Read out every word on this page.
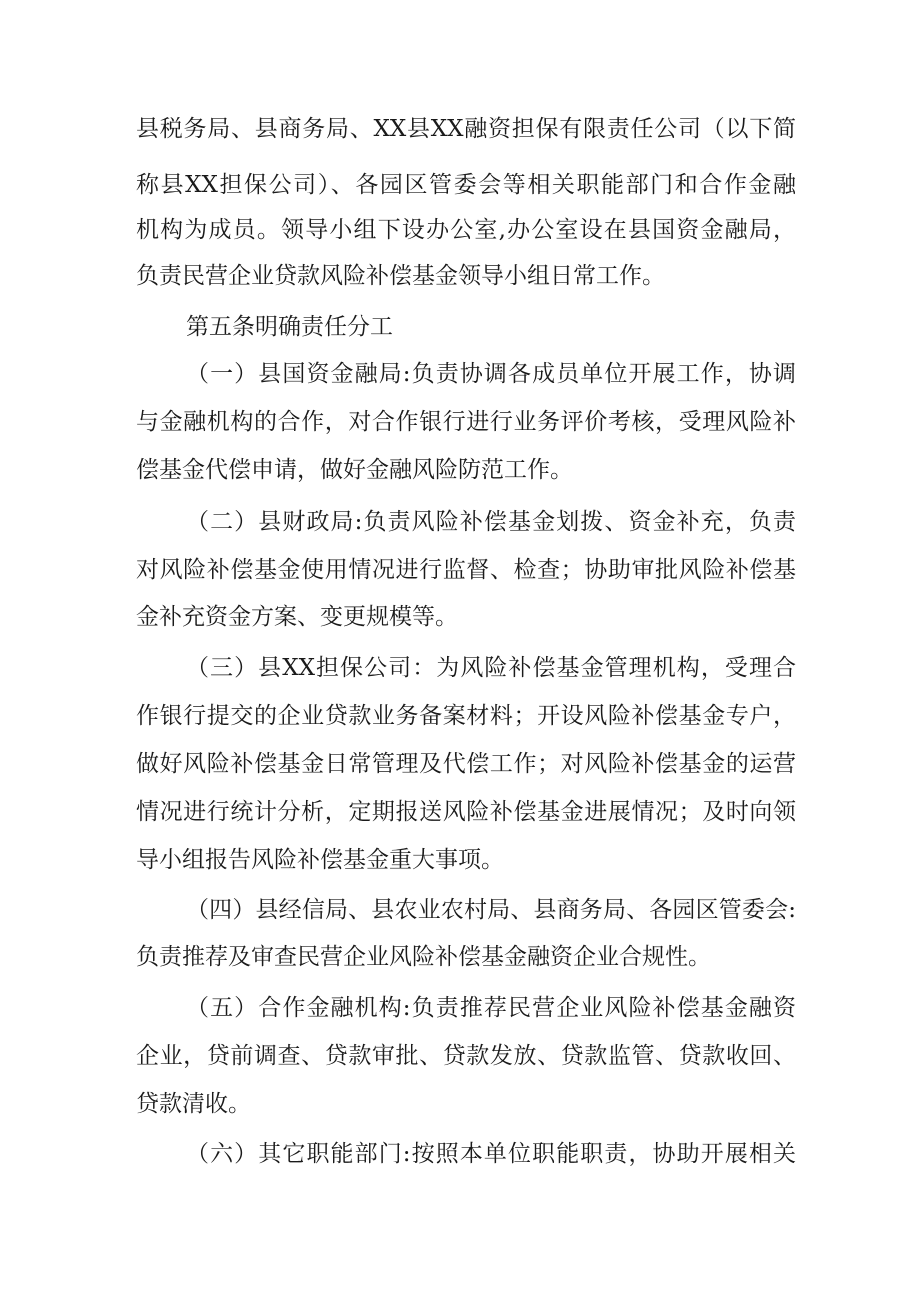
县税务局、县商务局、XX县XX融资担保有限责任公司（以下简
称县XX担保公司）、各园区管委会等相关职能部门和合作金融
机构为成员。领导小组下设办公室,办公室设在县国资金融局，
负责民营企业贷款风险补偿基金领导小组日常工作。
第五条明确责任分工
（一）县国资金融局:负责协调各成员单位开展工作，协调
与金融机构的合作，对合作银行进行业务评价考核，受理风险补
偿基金代偿申请，做好金融风险防范工作。
（二）县财政局:负责风险补偿基金划拨、资金补充，负责
对风险补偿基金使用情况进行监督、检查；协助审批风险补偿基
金补充资金方案、变更规模等。
（三）县XX担保公司：为风险补偿基金管理机构，受理合
作银行提交的企业贷款业务备案材料；开设风险补偿基金专户，
做好风险补偿基金日常管理及代偿工作；对风险补偿基金的运营
情况进行统计分析，定期报送风险补偿基金进展情况；及时向领
导小组报告风险补偿基金重大事项。
（四）县经信局、县农业农村局、县商务局、各园区管委会:
负责推荐及审查民营企业风险补偿基金融资企业合规性。
（五）合作金融机构:负责推荐民营企业风险补偿基金融资
企业，贷前调查、贷款审批、贷款发放、贷款监管、贷款收回、
贷款清收。
（六）其它职能部门:按照本单位职能职责，协助开展相关
